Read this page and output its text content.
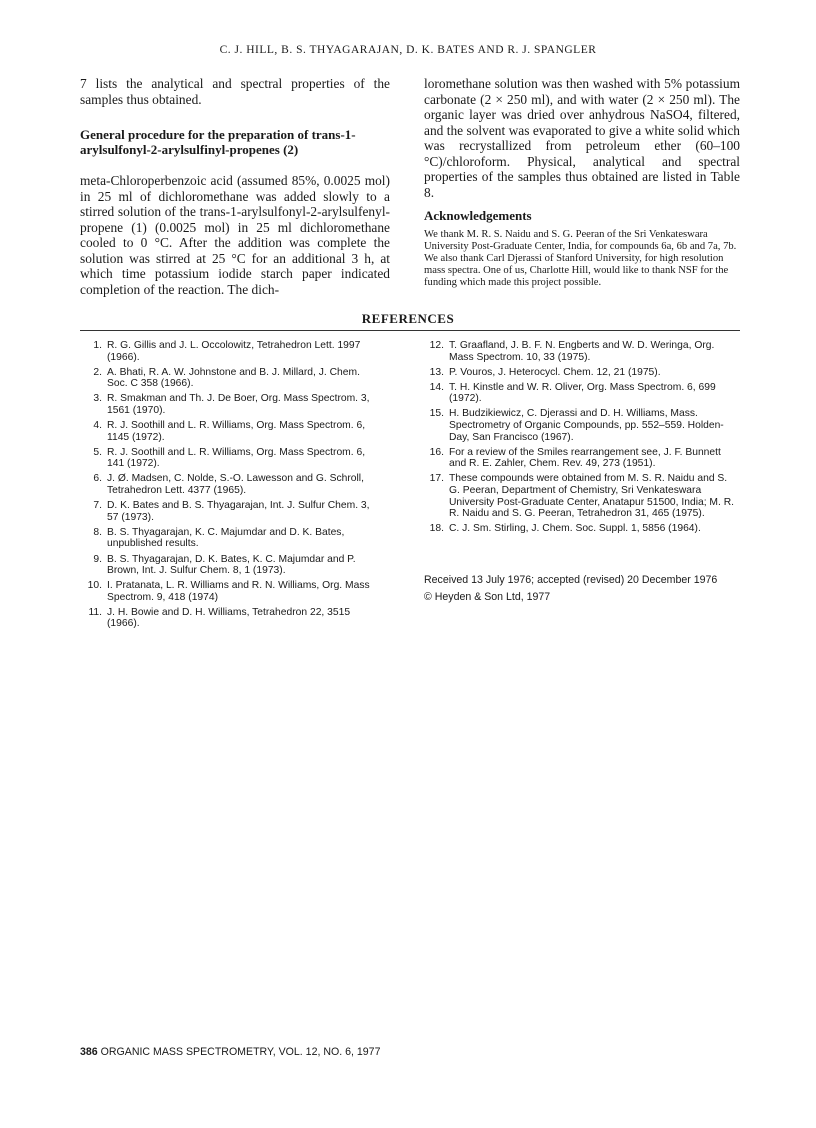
C. J. HILL, B. S. THYAGARAJAN, D. K. BATES AND R. J. SPANGLER

7 lists the analytical and spectral properties of the samples thus obtained.

General procedure for the preparation of trans-1-arylsulfonyl-2-arylsulfinyl-propenes (2)

meta-Chloroperbenzoic acid (assumed 85%, 0.0025 mol) in 25 ml of dichloromethane was added slowly to a stirred solution of the trans-1-arylsulfonyl-2-arylsulfenyl-propene (1) (0.0025 mol) in 25 ml dichloromethane cooled to 0 °C. After the addition was complete the solution was stirred at 25 °C for an additional 3 h, at which time potassium iodide starch paper indicated completion of the reaction. The dich-

loromethane solution was then washed with 5% potassium carbonate (2 × 250 ml), and with water (2 × 250 ml). The organic layer was dried over anhydrous NaSO4, filtered, and the solvent was evaporated to give a white solid which was recrystallized from petroleum ether (60–100 °C)/chloroform. Physical, analytical and spectral properties of the samples thus obtained are listed in Table 8.

Acknowledgements
We thank M. R. S. Naidu and S. G. Peeran of the Sri Venkateswara University Post-Graduate Center, India, for compounds 6a, 6b and 7a, 7b. We also thank Carl Djerassi of Stanford University, for high resolution mass spectra. One of us, Charlotte Hill, would like to thank NSF for the funding which made this project possible.
REFERENCES
1. R. G. Gillis and J. L. Occolowitz, Tetrahedron Lett. 1997 (1966).
2. A. Bhati, R. A. W. Johnstone and B. J. Millard, J. Chem. Soc. C 358 (1966).
3. R. Smakman and Th. J. De Boer, Org. Mass Spectrom. 3, 1561 (1970).
4. R. J. Soothill and L. R. Williams, Org. Mass Spectrom. 6, 1145 (1972).
5. R. J. Soothill and L. R. Williams, Org. Mass Spectrom. 6, 141 (1972).
6. J. Ø. Madsen, C. Nolde, S.-O. Lawesson and G. Schroll, Tetrahedron Lett. 4377 (1965).
7. D. K. Bates and B. S. Thyagarajan, Int. J. Sulfur Chem. 3, 57 (1973).
8. B. S. Thyagarajan, K. C. Majumdar and D. K. Bates, unpublished results.
9. B. S. Thyagarajan, D. K. Bates, K. C. Majumdar and P. Brown, Int. J. Sulfur Chem. 8, 1 (1973).
10. I. Pratanata, L. R. Williams and R. N. Williams, Org. Mass Spectrom. 9, 418 (1974)
11. J. H. Bowie and D. H. Williams, Tetrahedron 22, 3515 (1966).
12. T. Graafland, J. B. F. N. Engberts and W. D. Weringa, Org. Mass Spectrom. 10, 33 (1975).
13. P. Vouros, J. Heterocycl. Chem. 12, 21 (1975).
14. T. H. Kinstle and W. R. Oliver, Org. Mass Spectrom. 6, 699 (1972).
15. H. Budzikiewicz, C. Djerassi and D. H. Williams, Mass. Spectrometry of Organic Compounds, pp. 552–559. Holden-Day, San Francisco (1967).
16. For a review of the Smiles rearrangement see, J. F. Bunnett and R. E. Zahler, Chem. Rev. 49, 273 (1951).
17. These compounds were obtained from M. S. R. Naidu and S. G. Peeran, Department of Chemistry, Sri Venkateswara University Post-Graduate Center, Anatapur 51500, India; M. R. R. Naidu and S. G. Peeran, Tetrahedron 31, 465 (1975).
18. C. J. Sm. Stirling, J. Chem. Soc. Suppl. 1, 5856 (1964).
Received 13 July 1976; accepted (revised) 20 December 1976
© Heyden & Son Ltd, 1977
386 ORGANIC MASS SPECTROMETRY, VOL. 12, NO. 6, 1977
